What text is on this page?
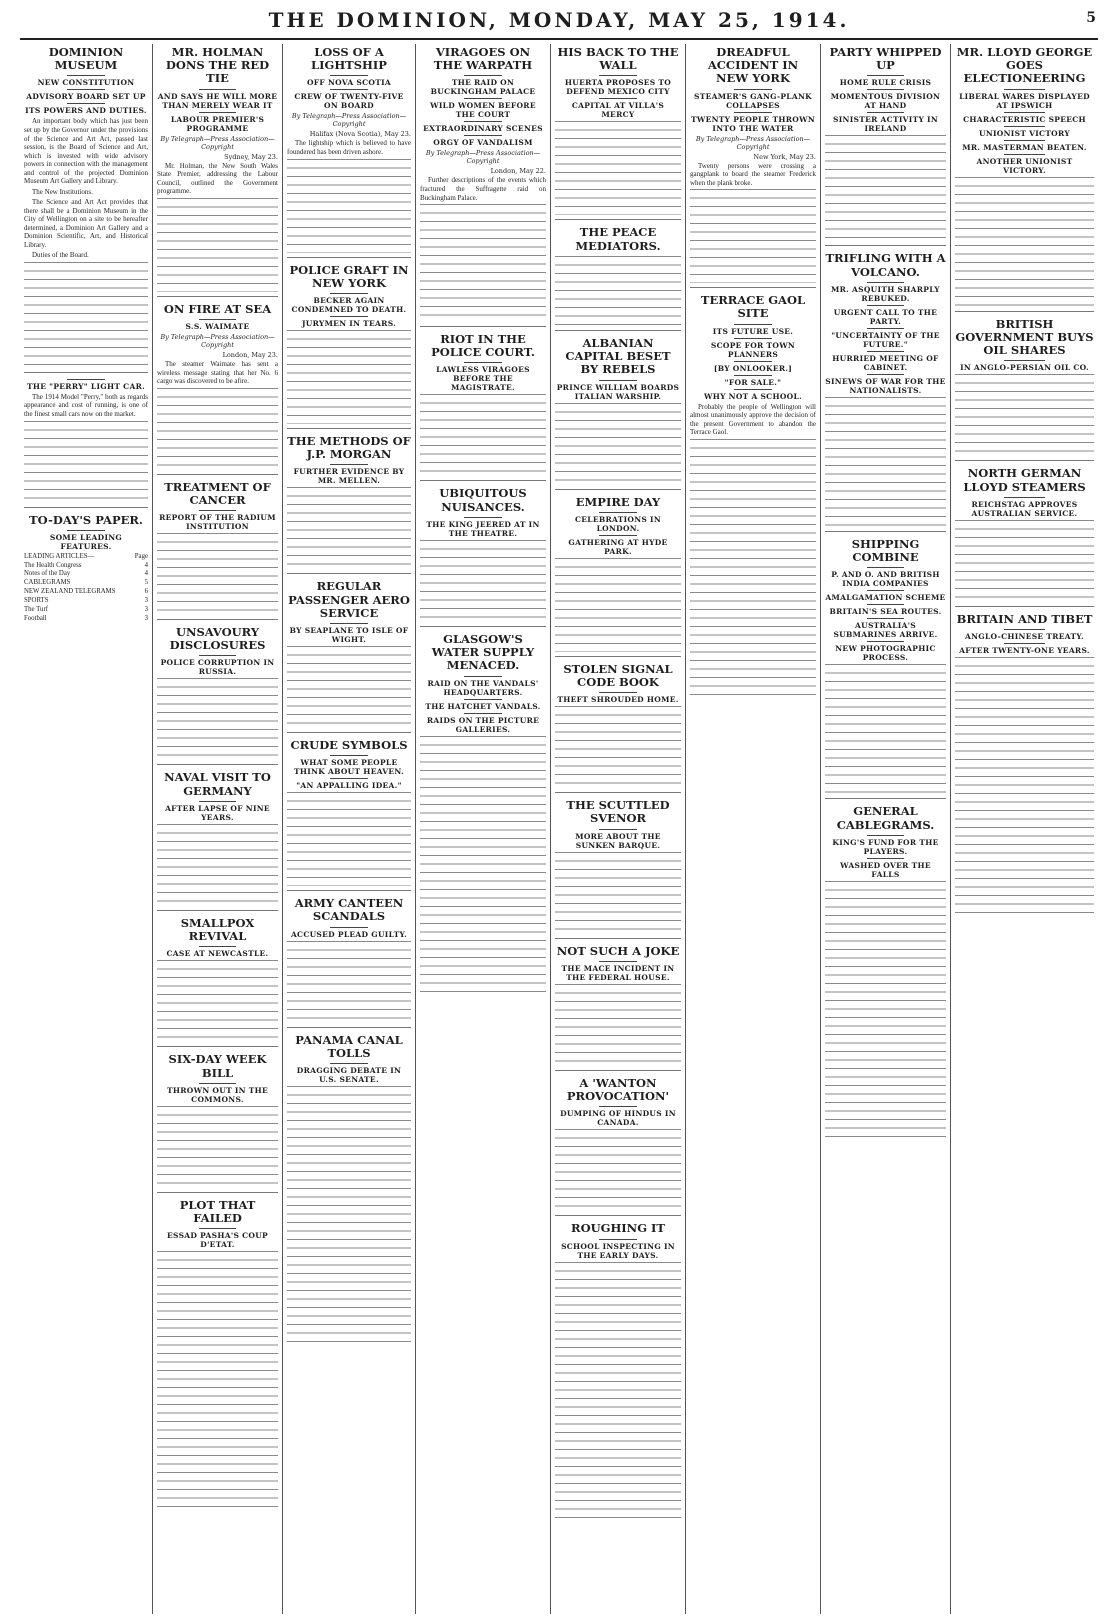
THE DOMINION, MONDAY, MAY 25, 1914.	5
DOMINION MUSEUM
NEW CONSTITUTION
ADVISORY BOARD SET UP
ITS POWERS AND DUTIES.

An important body which has just been set up by the Governor under the provisions of the Science and Art Act, passed last session, is the Board of Science and Art, which is invested with wide advisory powers in connection with the management and control of the projected Dominion Museum Art Gallery and Library.

The New Institutions.

The Science and Art Act provides that there shall be a Dominion Museum in the City of Wellington on a site to be hereafter determined, a Dominion Art Gallery and a Dominion Scientific, Art, and Historical Library.

Duties of the Board.

THE "PERRY" LIGHT CAR.

The 1914 Model "Perry," both as regards appearance and cost of running, is one of the finest small cars now on the market.

TO-DAY'S PAPER.
SOME LEADING FEATURES.
LEADING ARTICLES—	Page
The Health Congress	4
Notes of the Day	4
CABLEGRAMS	5
NEW ZEALAND TELEGRAMS	6
SPORTS	3
The Turf	3
Football	3
MR. HOLMAN DONS THE RED TIE
AND SAYS HE WILL MORE THAN MERELY WEAR IT
LABOUR PREMIER'S PROGRAMME
By Telegraph—Press Association—Copyright
Sydney, May 23.

Mr. Holman, the New South Wales State Premier, addressing the Labour Council, outlined the Government programme.

ON FIRE AT SEA
S.S. WAIMATE
By Telegraph—Press Association—Copyright
London, May 23.

The steamer Waimate has sent a wireless message stating that her No. 6 cargo was discovered to be afire.

TREATMENT OF CANCER
REPORT OF THE RADIUM INSTITUTION
UNSAVOURY DISCLOSURES
POLICE CORRUPTION IN RUSSIA.
NAVAL VISIT TO GERMANY
AFTER LAPSE OF NINE YEARS.
SMALLPOX REVIVAL
CASE AT NEWCASTLE.
SIX-DAY WEEK BILL
THROWN OUT IN THE COMMONS.
PLOT THAT FAILED
ESSAD PASHA'S COUP D'ETAT.
LOSS OF A LIGHTSHIP
OFF NOVA SCOTIA
CREW OF TWENTY-FIVE ON BOARD
By Telegraph—Press Association—Copyright
Halifax (Nova Scotia), May 23.

The lightship which is believed to have foundered has been driven ashore.

POLICE GRAFT IN NEW YORK
BECKER AGAIN CONDEMNED TO DEATH.
JURYMEN IN TEARS.
THE METHODS OF J.P. MORGAN
FURTHER EVIDENCE BY MR. MELLEN.
REGULAR PASSENGER AERO SERVICE
BY SEAPLANE TO ISLE OF WIGHT.
CRUDE SYMBOLS
WHAT SOME PEOPLE THINK ABOUT HEAVEN.
"AN APPALLING IDEA."
ARMY CANTEEN SCANDALS
ACCUSED PLEAD GUILTY.
PANAMA CANAL TOLLS
DRAGGING DEBATE IN U.S. SENATE.
VIRAGOES ON THE WARPATH
THE RAID ON BUCKINGHAM PALACE
WILD WOMEN BEFORE THE COURT
EXTRAORDINARY SCENES
ORGY OF VANDALISM
By Telegraph—Press Association—Copyright
London, May 22.

Further descriptions of the events which fractured the Suffragette raid on Buckingham Palace.

RIOT IN THE POLICE COURT.
LAWLESS VIRAGOES BEFORE THE MAGISTRATE.
UBIQUITOUS NUISANCES.
THE KING JEERED AT IN THE THEATRE.
GLASGOW'S WATER SUPPLY MENACED.
RAID ON THE VANDALS' HEADQUARTERS.
THE HATCHET VANDALS.
RAIDS ON THE PICTURE GALLERIES.
HIS BACK TO THE WALL
HUERTA PROPOSES TO DEFEND MEXICO CITY
CAPITAL AT VILLA'S MERCY
THE PEACE MEDIATORS.
ALBANIAN CAPITAL BESET BY REBELS
PRINCE WILLIAM BOARDS ITALIAN WARSHIP.
EMPIRE DAY
CELEBRATIONS IN LONDON.
GATHERING AT HYDE PARK.
STOLEN SIGNAL CODE BOOK
THEFT SHROUDED HOME.
THE SCUTTLED SVENOR
MORE ABOUT THE SUNKEN BARQUE.
NOT SUCH A JOKE
THE MACE INCIDENT IN THE FEDERAL HOUSE.
A 'WANTON PROVOCATION'
DUMPING OF HINDUS IN CANADA.
ROUGHING IT
SCHOOL INSPECTING IN THE EARLY DAYS.
DREADFUL ACCIDENT IN NEW YORK
STEAMER'S GANG-PLANK COLLAPSES
TWENTY PEOPLE THROWN INTO THE WATER
By Telegraph—Press Association—Copyright
New York, May 23.

Twenty persons were crossing a gangplank to board the steamer Frederick when the plank broke.

TERRACE GAOL SITE
ITS FUTURE USE.
SCOPE FOR TOWN PLANNERS
[BY ONLOOKER.]
"FOR SALE."
WHY NOT A SCHOOL.

Probably the people of Wellington will almost unanimously approve the decision of the present Government to abandon the Terrace Gaol.

PARTY WHIPPED UP
HOME RULE CRISIS
MOMENTOUS DIVISION AT HAND
SINISTER ACTIVITY IN IRELAND
TRIFLING WITH A VOLCANO.
MR. ASQUITH SHARPLY REBUKED.
URGENT CALL TO THE PARTY.
"UNCERTAINTY OF THE FUTURE."
HURRIED MEETING OF CABINET.
SINEWS OF WAR FOR THE NATIONALISTS.
SHIPPING COMBINE
P. AND O. AND BRITISH INDIA COMPANIES
AMALGAMATION SCHEME
BRITAIN'S SEA ROUTES.
AUSTRALIA'S SUBMARINES ARRIVE.
NEW PHOTOGRAPHIC PROCESS.
GENERAL CABLEGRAMS.
KING'S FUND FOR THE PLAYERS.
WASHED OVER THE FALLS
MR. LLOYD GEORGE GOES ELECTIONEERING
LIBERAL WARES DISPLAYED AT IPSWICH
CHARACTERISTIC SPEECH
UNIONIST VICTORY
MR. MASTERMAN BEATEN.
ANOTHER UNIONIST VICTORY.
BRITISH GOVERNMENT BUYS OIL SHARES
IN ANGLO-PERSIAN OIL CO.
NORTH GERMAN LLOYD STEAMERS
REICHSTAG APPROVES AUSTRALIAN SERVICE.
BRITAIN AND TIBET
ANGLO-CHINESE TREATY.
AFTER TWENTY-ONE YEARS.
